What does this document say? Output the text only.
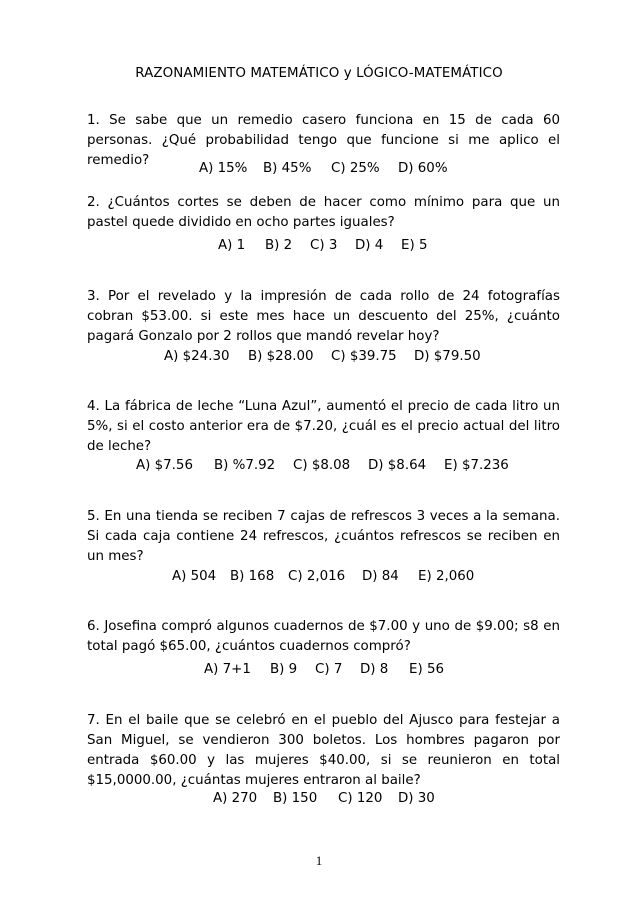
RAZONAMIENTO MATEMÁTICO y LÓGICO-MATEMÁTICO
1. Se sabe que un remedio casero funciona en 15 de cada 60 personas. ¿Qué probabilidad tengo que funcione si me aplico el remedio?
A) 15% B) 45% C) 25% D) 60%
2. ¿Cuántos cortes se deben de hacer como mínimo para que un pastel quede dividido en ocho partes iguales?
A) 1 B) 2 C) 3 D) 4 E) 5
3. Por el revelado y la impresión de cada rollo de 24 fotografías cobran $53.00. si este mes hace un descuento del 25%, ¿cuánto pagará Gonzalo por 2 rollos que mandó revelar hoy?
A) $24.30 B) $28.00 C) $39.75 D) $79.50
4. La fábrica de leche “Luna Azul”, aumentó el precio de cada litro un 5%, si el costo anterior era de $7.20, ¿cuál es el precio actual del litro de leche?
A) $7.56 B) %7.92 C) $8.08 D) $8.64 E) $7.236
5. En una tienda se reciben 7 cajas de refrescos 3 veces a la semana. Si cada caja contiene 24 refrescos, ¿cuántos refrescos se reciben en un mes?
A) 504 B) 168 C) 2,016 D) 84 E) 2,060
6. Josefina compró algunos cuadernos de $7.00 y uno de $9.00; s8 en total pagó $65.00, ¿cuántos cuadernos compró?
A) 7+1 B) 9 C) 7 D) 8 E) 56
7. En el baile que se celebró en el pueblo del Ajusco para festejar a San Miguel, se vendieron 300 boletos. Los hombres pagaron por entrada $60.00 y las mujeres $40.00, si se reunieron en total $15,0000.00, ¿cuántas mujeres entraron al baile?
A) 270 B) 150 C) 120 D) 30
1
